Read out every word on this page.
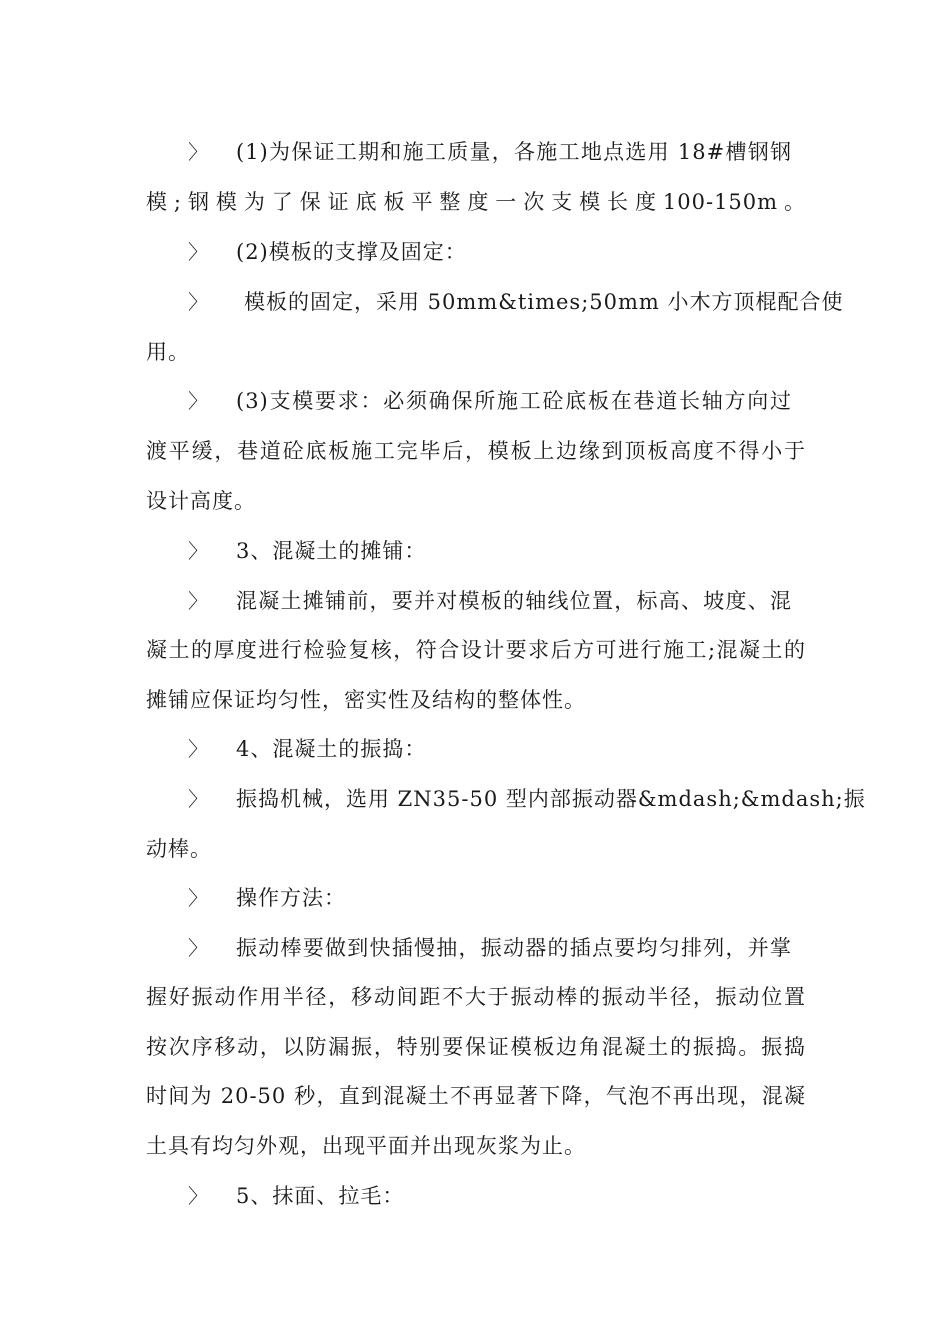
〉 (1)为保证工期和施工质量，各施工地点选用 18#槽钢钢
模;钢模为了保证底板平整度一次支模长度100-150m。
〉 (2)模板的支撑及固定：
〉 模板的固定，采用 50mm&times;50mm 小木方顶棍配合使
用。
〉 (3)支模要求：必须确保所施工砼底板在巷道长轴方向过
渡平缓，巷道砼底板施工完毕后，模板上边缘到顶板高度不得小于
设计高度。
〉 3、混凝土的摊铺：
〉 混凝土摊铺前，要并对模板的轴线位置，标高、坡度、混
凝土的厚度进行检验复核，符合设计要求后方可进行施工;混凝土的
摊铺应保证均匀性，密实性及结构的整体性。
〉 4、混凝土的振捣：
〉 振捣机械，选用 ZN35-50 型内部振动器&mdash;&mdash;振
动棒。
〉 操作方法：
〉 振动棒要做到快插慢抽，振动器的插点要均匀排列，并掌
握好振动作用半径，移动间距不大于振动棒的振动半径，振动位置
按次序移动，以防漏振，特别要保证模板边角混凝土的振捣。振捣
时间为 20-50 秒，直到混凝土不再显著下降，气泡不再出现，混凝
土具有均匀外观，出现平面并出现灰浆为止。
〉 5、抹面、拉毛：
